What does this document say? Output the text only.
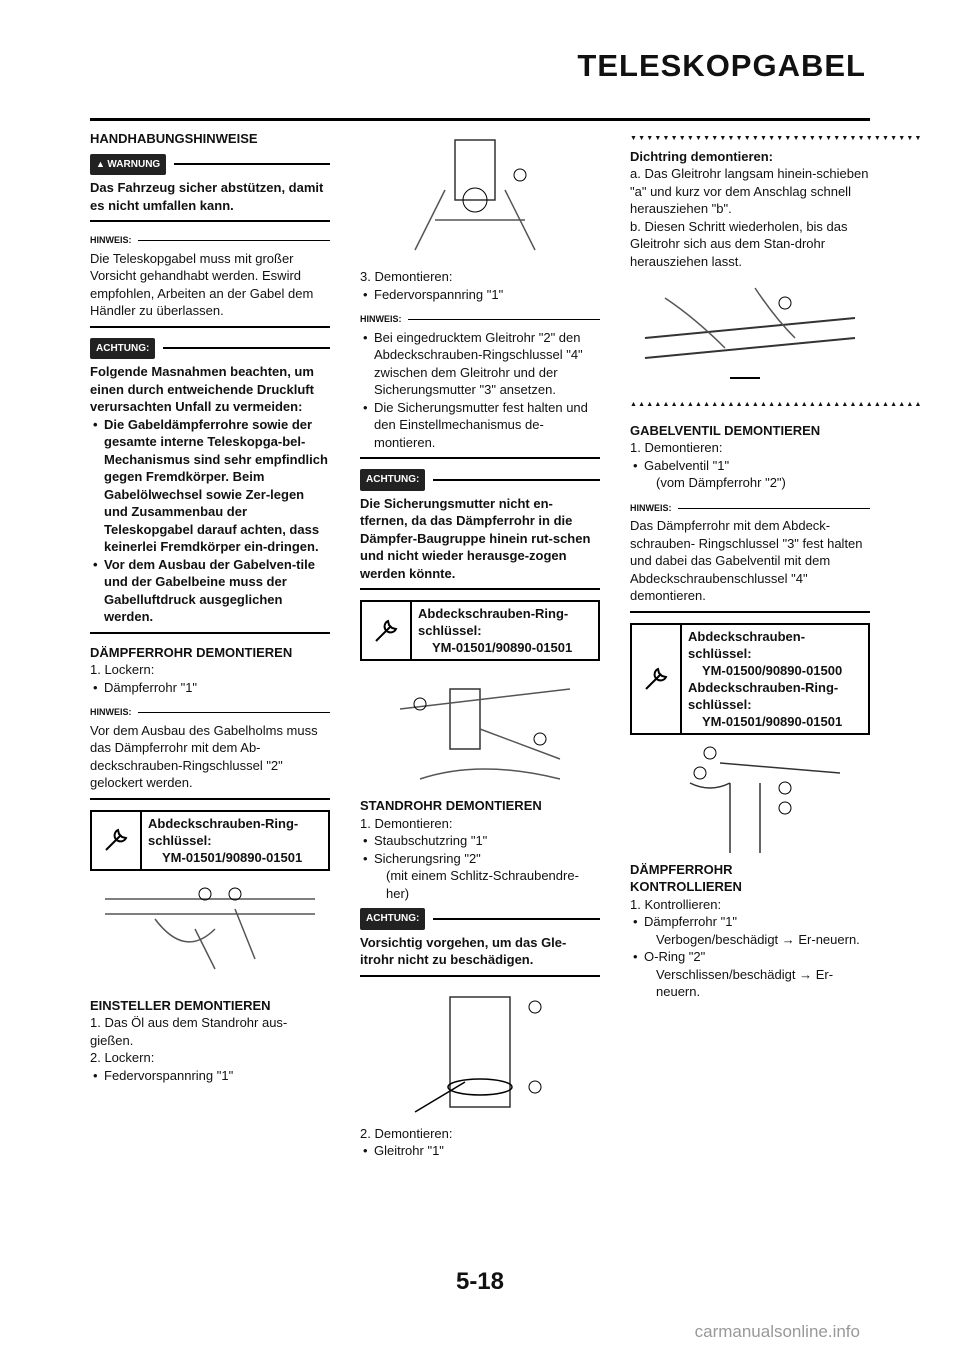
TELESKOPGABEL

HANDHABUNGSHINWEISE

▲ WARNUNG

Das Fahrzeug sicher abstützen, damit es nicht umfallen kann.

HINWEIS:

Die Teleskopgabel muss mit großer Vorsicht gehandhabt werden. Eswird empfohlen, Arbeiten an der Gabel dem Händler zu überlassen.

ACHTUNG:

Folgende Masnahmen beachten, um einen durch entweichende Druckluft verursachten Unfall zu vermeiden:

• Die Gabeldämpferrohre sowie der gesamte interne Teleskopga-bel- Mechanismus sind sehr empfindlich gegen Fremdkörper. Beim Gabelölwechsel sowie Zer-legen und Zusammenbau der Teleskopgabel darauf achten, dass keinerlei Fremdkörper ein-dringen.
• Vor dem Ausbau der Gabelven-tile und der Gabelbeine muss der Gabelluftdruck ausgeglichen werden.

DÄMPFERROHR DEMONTIEREN

1. Lockern:

• Dämpferrohr "1"
HINWEIS:

Vor dem Ausbau des Gabelholms muss das Dämpferrohr mit dem Ab-deckschrauben-Ringschlussel "2" gelockert werden.

Abdeckschrauben-Ring-
schlüssel:
YM-01501/90890-01501

EINSTELLER DEMONTIEREN

1. Das Öl aus dem Standrohr aus-gießen.

2. Lockern:

• Federvorspannring "1"

3. Demontieren:

• Federvorspannring "1"
HINWEIS:
• Bei eingedrucktem Gleitrohr "2" den Abdeckschrauben-Ringschlussel "4" zwischen dem Gleitrohr und der Sicherungsmutter "3" ansetzen.
• Die Sicherungsmutter fest halten und den Einstellmechanismus de-montieren.
ACHTUNG:

Die Sicherungsmutter nicht en-tfernen, da das Dämpferrohr in die Dämpfer-Baugruppe hinein rut-schen und nicht wieder herausge-zogen werden könnte.

Abdeckschrauben-Ring-
schlüssel:
YM-01501/90890-01501

STANDROHR DEMONTIEREN

1. Demontieren:

• Staubschutzring "1"
• Sicherungsring "2"

(mit einem Schlitz-Schraubendre-her)

ACHTUNG:

Vorsichtig vorgehen, um das Gle-itrohr nicht zu beschädigen.

2. Demontieren:

• Gleitrohr "1"
▼▼▼▼▼▼▼▼▼▼▼▼▼▼▼▼▼▼▼▼▼▼▼▼▼▼▼▼▼▼▼▼▼▼▼▼

Dichtring demontieren:

a. Das Gleitrohr langsam hinein-schieben "a" und kurz vor dem Anschlag schnell herausziehen "b".

b. Diesen Schritt wiederholen, bis das Gleitrohr sich aus dem Stan-drohr herausziehen lasst.

▲▲▲▲▲▲▲▲▲▲▲▲▲▲▲▲▲▲▲▲▲▲▲▲▲▲▲▲▲▲▲▲▲▲▲▲

GABELVENTIL DEMONTIEREN

1. Demontieren:

• Gabelventil "1"

(vom Dämpferrohr "2")

HINWEIS:

Das Dämpferrohr mit dem Abdeck-schrauben- Ringschlussel "3" fest halten und dabei das Gabelventil mit dem Abdeckschraubenschlussel "4" demontieren.

Abdeckschrauben-
schlüssel:
YM-01500/90890-01500
Abdeckschrauben-Ring-
schlüssel:
YM-01501/90890-01501

DÄMPFERROHR
KONTROLLIEREN

1. Kontrollieren:

• Dämpferrohr "1"

Verbogen/beschädigt → Er-neuern.

• O-Ring "2"

Verschlissen/beschädigt → Er-neuern.

5-18
carmanualsonline.info
